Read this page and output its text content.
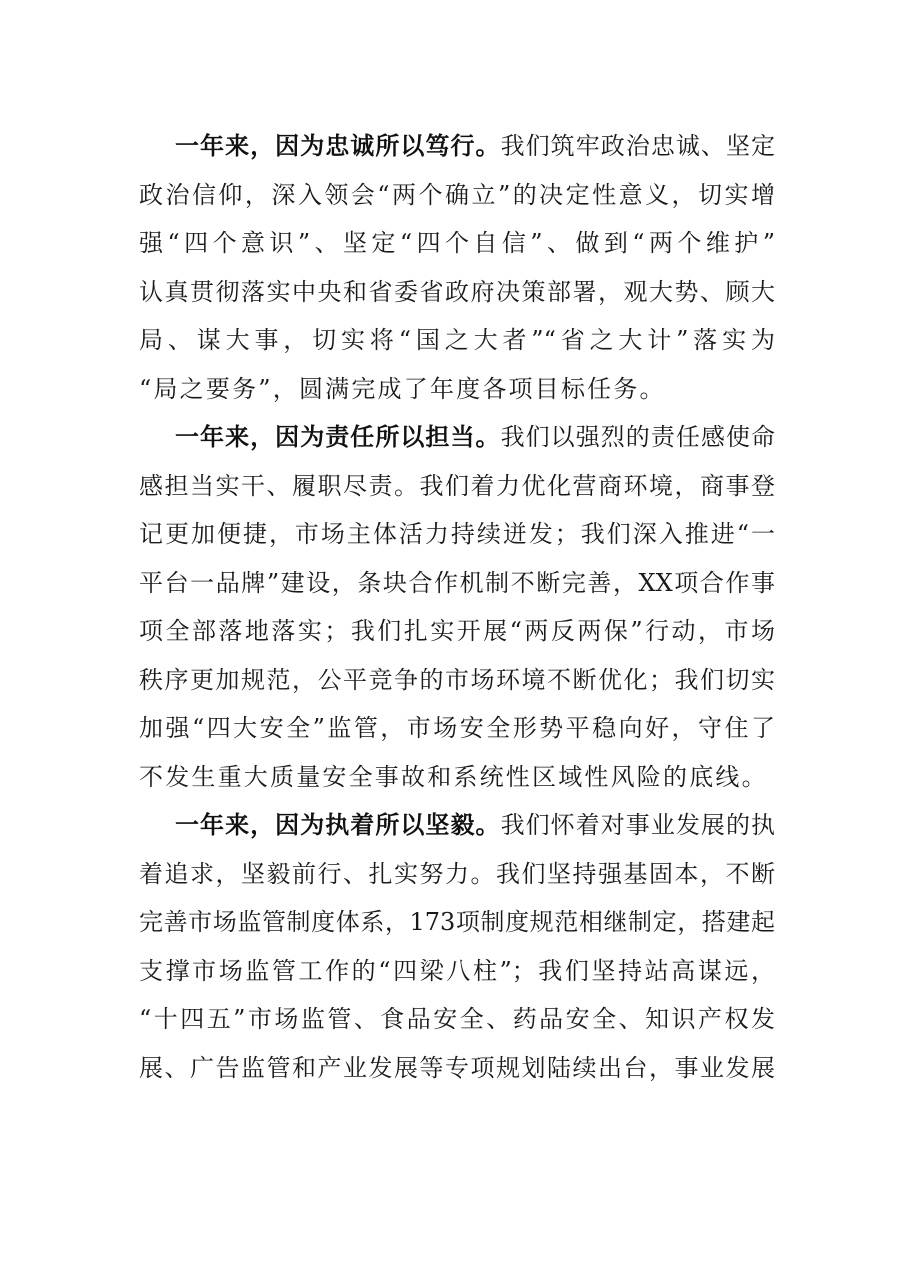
一年来，因为忠诚所以笃行。我们筑牢政治忠诚、坚定
政治信仰，深入领会“两个确立”的决定性意义，切实增
强“四个意识”、坚定“四个自信”、做到“两个维护”
认真贯彻落实中央和省委省政府决策部署，观大势、顾大
局、谋大事，切实将“国之大者”“省之大计”落实为
“局之要务”，圆满完成了年度各项目标任务。
一年来，因为责任所以担当。我们以强烈的责任感使命
感担当实干、履职尽责。我们着力优化营商环境，商事登
记更加便捷，市场主体活力持续迸发；我们深入推进“一
平台一品牌”建设，条块合作机制不断完善，XX项合作事
项全部落地落实；我们扎实开展“两反两保”行动，市场
秩序更加规范，公平竞争的市场环境不断优化；我们切实
加强“四大安全”监管，市场安全形势平稳向好，守住了
不发生重大质量安全事故和系统性区域性风险的底线。
一年来，因为执着所以坚毅。我们怀着对事业发展的执
着追求，坚毅前行、扎实努力。我们坚持强基固本，不断
完善市场监管制度体系，173项制度规范相继制定，搭建起
支撑市场监管工作的“四梁八柱”；我们坚持站高谋远，
“十四五”市场监管、食品安全、药品安全、知识产权发
展、广告监管和产业发展等专项规划陆续出台，事业发展
